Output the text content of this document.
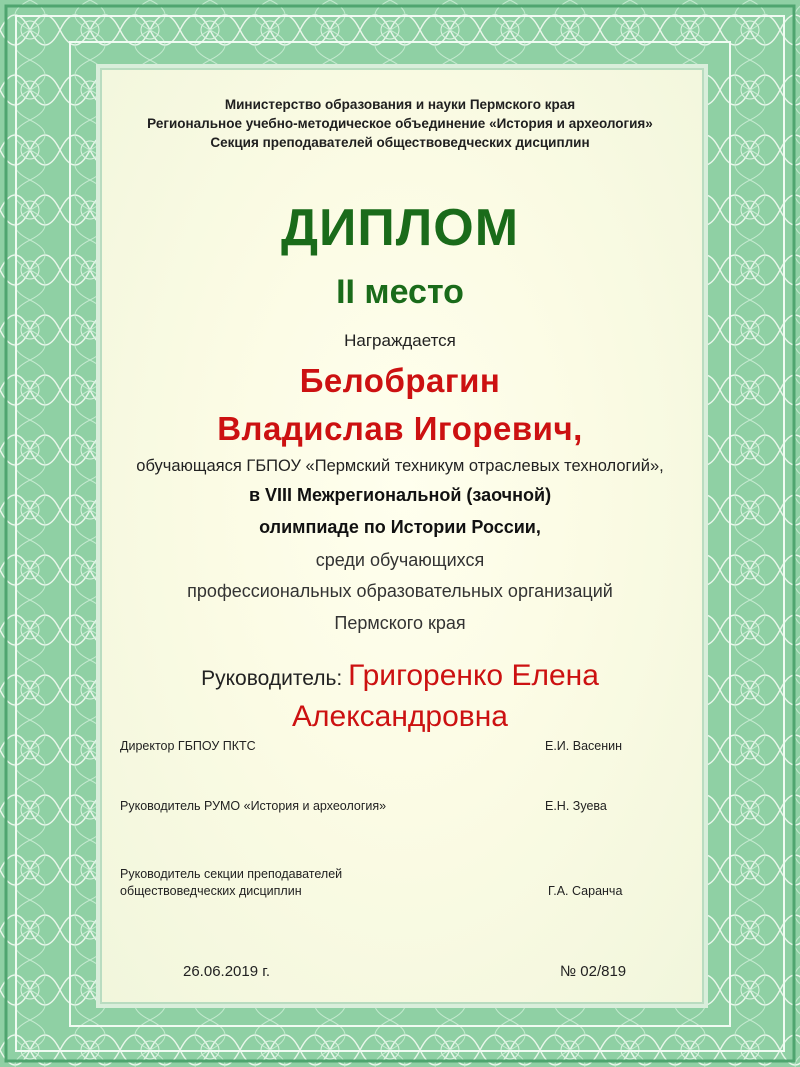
Министерство образования и науки Пермского края
Региональное учебно-методическое объединение «История и археология»
Секция преподавателей обществоведческих дисциплин
ДИПЛОМ
II место
Награждается
Белобрагин
Владислав Игоревич,
обучающаяся ГБПОУ «Пермский техникум отраслевых технологий»,
в VIII Межрегиональной (заочной)
олимпиаде по Истории России,
среди обучающихся
профессиональных образовательных организаций
Пермского края
Руководитель: Григоренко Елена
Александровна
Директор ГБПОУ ПКТС	Е.И. Васенин
Руководитель РУМО «История и археология»	Е.Н. Зуева
Руководитель секции преподавателей
обществоведческих дисциплин	Г.А. Саранча
26.06.2019 г.	№ 02/819
